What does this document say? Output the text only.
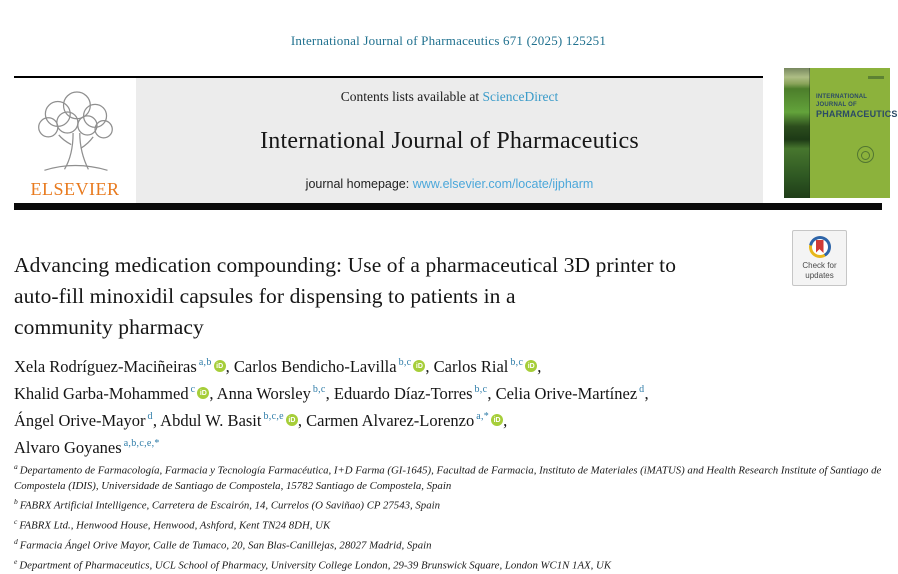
International Journal of Pharmaceutics 671 (2025) 125251
ELSEVIER
Contents lists available at ScienceDirect
International Journal of Pharmaceutics
journal homepage: www.elsevier.com/locate/ijpharm
INTERNATIONAL JOURNAL OF
PHARMACEUTICS
Check for
updates
Advancing medication compounding: Use of a pharmaceutical 3D printer to
auto-fill minoxidil capsules for dispensing to patients in a
community pharmacy
Xela Rodríguez-Maciñeiras $^{a,b}$ iD , Carlos Bendicho-Lavilla $^{b,c}$ iD , Carlos Rial $^{b,c}$ iD ,
Khalid Garba-Mohammed $^c$ iD , Anna Worsley $^{b,c}$, Eduardo Díaz-Torres $^{b,c}$, Celia Orive-Martínez $^d$,
Ángel Orive-Mayor $^d$, Abdul W. Basit $^{b,c,e}$ iD , Carmen Alvarez-Lorenzo $^{a,*}$ iD ,
Alvaro Goyanes $^{a,b,c,e,*}$
$^a$ Departamento de Farmacología, Farmacia y Tecnología Farmacéutica, I+D Farma (GI-1645), Facultad de Farmacia, Instituto de Materiales (iMATUS) and Health Research Institute of Santiago de Compostela (IDIS), Universidade de Santiago de Compostela, 15782 Santiago de Compostela, Spain
$^b$ FABRX Artificial Intelligence, Carretera de Escairón, 14, Currelos (O Saviñao) CP 27543, Spain
$^c$ FABRX Ltd., Henwood House, Henwood, Ashford, Kent TN24 8DH, UK
$^d$ Farmacia Ángel Orive Mayor, Calle de Tumaco, 20, San Blas-Canillejas, 28027 Madrid, Spain
$^e$ Department of Pharmaceutics, UCL School of Pharmacy, University College London, 29-39 Brunswick Square, London WC1N 1AX, UK
